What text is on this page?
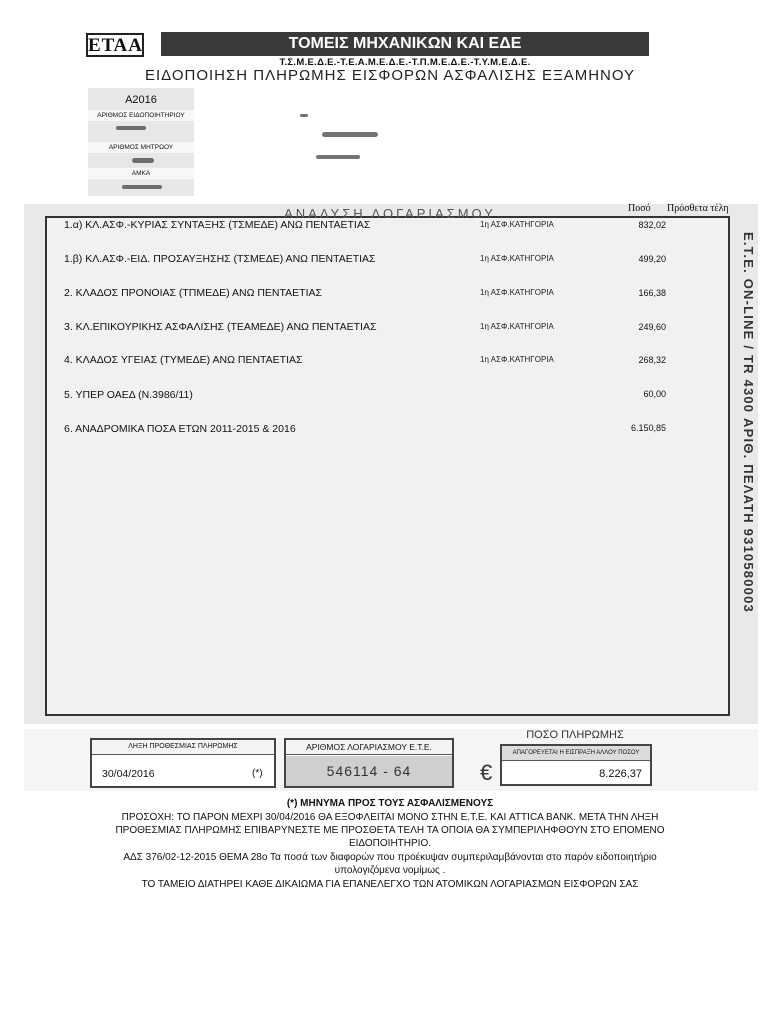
ΕΤΑΑ	ΤΟΜΕΙΣ ΜΗΧΑΝΙΚΩΝ ΚΑΙ ΕΔΕ
Τ.Σ.Μ.Ε.Δ.Ε.-Τ.Ε.Α.Μ.Ε.Δ.Ε.-Τ.Π.Μ.Ε.Δ.Ε.-Τ.Υ.Μ.Ε.Δ.Ε.
ΕΙΔΟΠΟΙΗΣΗ ΠΛΗΡΩΜΗΣ ΕΙΣΦΟΡΩΝ ΑΣΦΑΛΙΣΗΣ ΕΞΑΜΗΝΟΥ
A2016
ΑΡΙΘΜΟΣ ΕΙΔΟΠΟΙΗΤΗΡΙΟΥ
ΑΡΙΘΜΟΣ ΜΗΤΡΩΟΥ
ΑΜΚΑ
ΑΝΑΛΥΣΗ ΛΟΓΑΡΙΑΣΜΟΥ	Ποσό Πρόσθετα τέλη
1.α) ΚΛ.ΑΣΦ.-ΚΥΡΙΑΣ ΣΥΝΤΑΞΗΣ (ΤΣΜΕΔΕ) ΑΝΩ ΠΕΝΤΑΕΤΙΑΣ	1η ΑΣΦ.ΚΑΤΗΓΟΡΙΑ	832,02
1.β) ΚΛ.ΑΣΦ.-ΕΙΔ. ΠΡΟΣΑΥΞΗΣΗΣ (ΤΣΜΕΔΕ) ΑΝΩ ΠΕΝΤΑΕΤΙΑΣ	1η ΑΣΦ.ΚΑΤΗΓΟΡΙΑ	499,20
2. ΚΛΑΔΟΣ ΠΡΟΝΟΙΑΣ (ΤΠΜΕΔΕ) ΑΝΩ ΠΕΝΤΑΕΤΙΑΣ	1η ΑΣΦ.ΚΑΤΗΓΟΡΙΑ	166,38
3. ΚΛ.ΕΠΙΚΟΥΡΙΚΗΣ ΑΣΦΑΛΙΣΗΣ (ΤΕΑΜΕΔΕ) ΑΝΩ ΠΕΝΤΑΕΤΙΑΣ	1η ΑΣΦ.ΚΑΤΗΓΟΡΙΑ	249,60
4. ΚΛΑΔΟΣ ΥΓΕΙΑΣ (ΤΥΜΕΔΕ) ΑΝΩ ΠΕΝΤΑΕΤΙΑΣ	1η ΑΣΦ.ΚΑΤΗΓΟΡΙΑ	268,32
5. ΥΠΕΡ ΟΑΕΔ (Ν.3986/11)	60,00
6. ΑΝΑΔΡΟΜΙΚΑ ΠΟΣΑ ΕΤΩΝ 2011-2015 & 2016	6.150,85	Ε.Τ.Ε. ON-LINE / TR 4300 ΑΡΙΘ. ΠΕΛΑΤΗ 9310580003
ΛΗΞΗ ΠΡΟΘΕΣΜΙΑΣ ΠΛΗΡΩΜΗΣ
30/04/2016	(*)
ΑΡΙΘΜΟΣ ΛΟΓΑΡΙΑΣΜΟΥ Ε.Τ.Ε.
546114 - 64
ΠΟΣΟ ΠΛΗΡΩΜΗΣ
€
ΑΠΑΓΟΡΕΥΕΤΑΙ Η ΕΙΣΠΡΑΞΗ ΑΛΛΟΥ ΠΟΣΟΥ
8.226,37
(*) ΜΗΝΥΜΑ ΠΡΟΣ ΤΟΥΣ ΑΣΦΑΛΙΣΜΕΝΟΥΣ
ΠΡΟΣΟΧΗ: ΤΟ ΠΑΡΟΝ ΜΕΧΡΙ 30/04/2016 ΘΑ ΕΞΟΦΛΕΙΤΑΙ ΜΟΝΟ ΣΤΗΝ Ε.Τ.Ε. ΚΑΙ ATTICA BANK. ΜΕΤΑ ΤΗΝ ΛΗΞΗ
ΠΡΟΘΕΣΜΙΑΣ ΠΛΗΡΩΜΗΣ ΕΠΙΒΑΡΥΝΕΣΤΕ ΜΕ ΠΡΟΣΘΕΤΑ ΤΕΛΗ ΤΑ ΟΠΟΙΑ ΘΑ ΣΥΜΠΕΡΙΛΗΦΘΟΥΝ ΣΤΟ ΕΠΟΜΕΝΟ
ΕΙΔΟΠΟΙΗΤΗΡΙΟ.
ΑΔΣ 376/02-12-2015 ΘΕΜΑ 28ο Τα ποσά των διαφορών που προέκυψαν συμπεριλαμβάνονται στο παρόν ειδοποιητήριο
υπολογιζόμενα νομίμως .
ΤΟ ΤΑΜΕΙΟ ΔΙΑΤΗΡΕΙ ΚΑΘΕ ΔΙΚΑΙΩΜΑ ΓΙΑ ΕΠΑΝΕΛΕΓΧΟ ΤΩΝ ΑΤΟΜΙΚΩΝ ΛΟΓΑΡΙΑΣΜΩΝ ΕΙΣΦΟΡΩΝ ΣΑΣ
